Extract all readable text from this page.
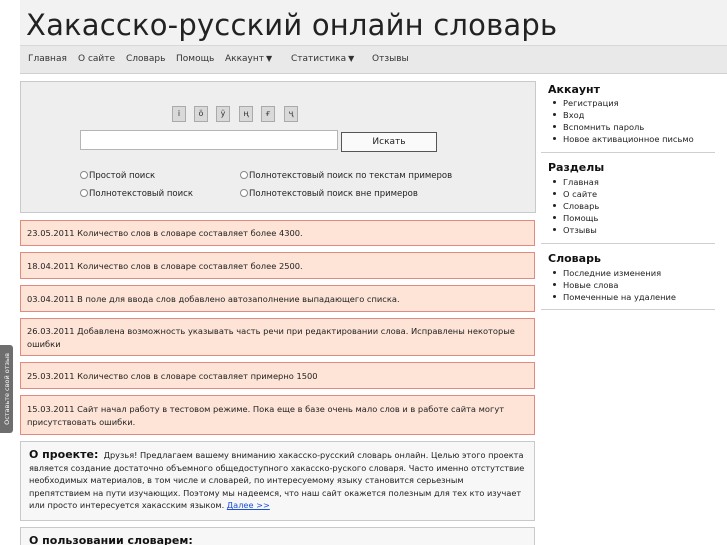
Оставьте свой отзыв
Хакасско-русский онлайн словарь
Главная О сайте Словарь Помощь Аккаунт ▼ Статистика ▼ Отзывы
і	ӧ	ӱ	ң	ғ	ҷ
Искать
Простой поиск	Полнотекстовый поиск по текстам примеров
Полнотекстовый поиск	Полнотекстовый поиск вне примеров
23.05.2011 Количество слов в словаре составляет более 4300.
18.04.2011 Количество слов в словаре составляет более 2500.
03.04.2011 В поле для ввода слов добавлено автозаполнение выпадающего списка.
26.03.2011 Добавлена возможность указывать часть речи при редактировании слова. Исправлены некоторые ошибки
25.03.2011 Количество слов в словаре составляет примерно 1500
15.03.2011 Сайт начал работу в тестовом режиме. Пока еще в базе очень мало слов и в работе сайта могут присутствовать ошибки.
О проекте: Друзья! Предлагаем вашему вниманию хакасско-русский словарь онлайн. Целью этого проекта является создание достаточно объемного общедоступного хакасско-руского словаря. Часто именно отстутствие необходимых материалов, в том числе и словарей, по интересуемому языку становится серьезным препятствием на пути изучающих. Поэтому мы надеемся, что наш сайт окажется полезным для тех кто изучает или просто интересуется хакасским языком. Далее >>
О пользовании словарем:
Аккаунт
Регистрация
Вход
Вспомнить пароль
Новое активационное письмо
Разделы
Главная
О сайте
Словарь
Помощь
Отзывы
Словарь
Последние изменения
Новые слова
Помеченные на удаление
